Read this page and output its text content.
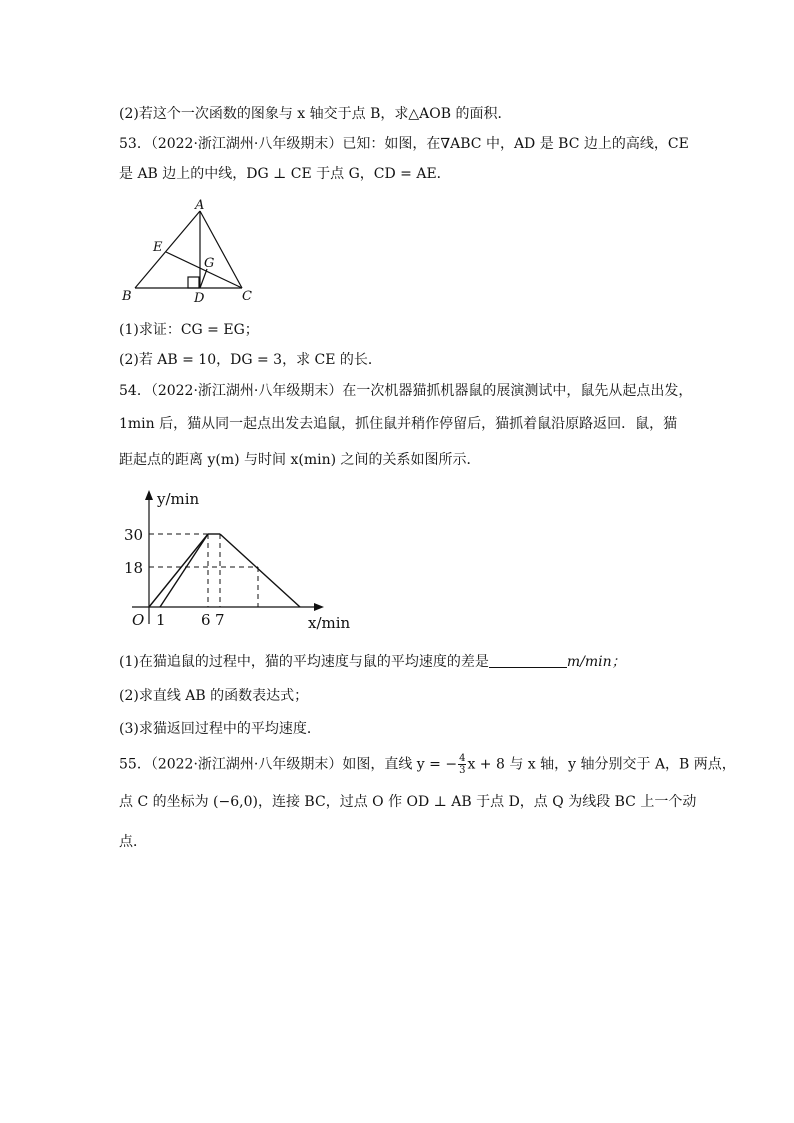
(2)若这个一次函数的图象与 x 轴交于点 B，求△AOB 的面积．
53．（2022·浙江湖州·八年级期末）已知：如图，在∇ABC 中，AD 是 BC 边上的高线，CE
是 AB 边上的中线，DG ⊥ CE 于点 G，CD = AE．
A
B	C
D
E
G
(1)求证：CG = EG；
(2)若 AB = 10，DG = 3，求 CE 的长．
54．（2022·浙江湖州·八年级期末）在一次机器猫抓机器鼠的展演测试中，鼠先从起点出发，
1min 后，猫从同一起点出发去追鼠，抓住鼠并稍作停留后，猫抓着鼠沿原路返回．鼠，猫
距起点的距离 y(m) 与时间 x(min) 之间的关系如图所示．
y/min
x/min
O
30
18
1 6 7
(1)在猫追鼠的过程中，猫的平均速度与鼠的平均速度的差是	m/min；
(2)求直线 AB 的函数表达式；
(3)求猫返回过程中的平均速度．
55．（2022·浙江湖州·八年级期末）如图，直线 y = − $\frac{4}{3}$ x + 8 与 x 轴，y 轴分别交于 A，B 两点，
点 C 的坐标为 (−6,0)，连接 BC，过点 O 作 OD ⊥ AB 于点 D，点 Q 为线段 BC 上一个动
点．
